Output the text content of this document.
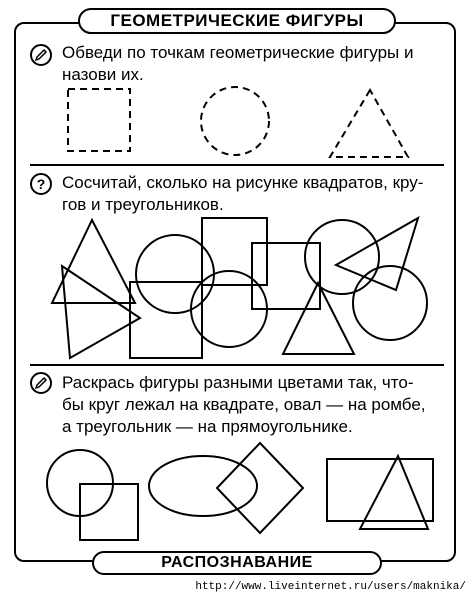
ГЕОМЕТРИЧЕСКИЕ ФИГУРЫ
Обведи по точкам геометрические фигуры и
назови их.
? Сосчитай, сколько на рисунке квадратов, кру-
гов и треугольников.
Раскрась фигуры разными цветами так, что-
бы круг лежал на квадрате, овал — на ромбе,
а треугольник — на прямоугольнике.
РАСПОЗНАВАНИЕ
http://www.liveinternet.ru/users/maknika/
